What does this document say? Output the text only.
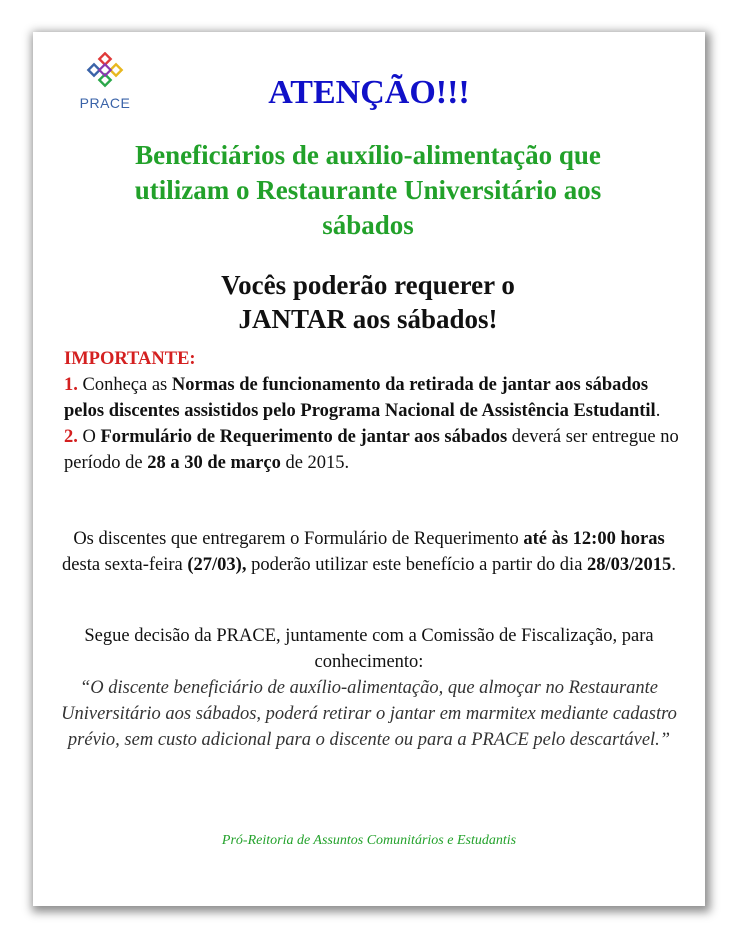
PRACE	ATENÇÃO!!!
Beneficiários de auxílio-alimentação que
utilizam o Restaurante Universitário aos
sábados
Vocês poderão requerer o
JANTAR aos sábados!
IMPORTANTE:
1. Conheça as Normas de funcionamento da retirada de jantar aos sábados pelos discentes assistidos pelo Programa Nacional de Assistência Estudantil.
2. O Formulário de Requerimento de jantar aos sábados deverá ser entregue no período de 28 a 30 de março de 2015.
Os discentes que entregarem o Formulário de Requerimento até às 12:00 horas desta sexta-feira (27/03), poderão utilizar este benefício a partir do dia 28/03/2015.
Segue decisão da PRACE, juntamente com a Comissão de Fiscalização, para conhecimento:
“O discente beneficiário de auxílio-alimentação, que almoçar no Restaurante Universitário aos sábados, poderá retirar o jantar em marmitex mediante cadastro prévio, sem custo adicional para o discente ou para a PRACE pelo descartável.”
Pró-Reitoria de Assuntos Comunitários e Estudantis
